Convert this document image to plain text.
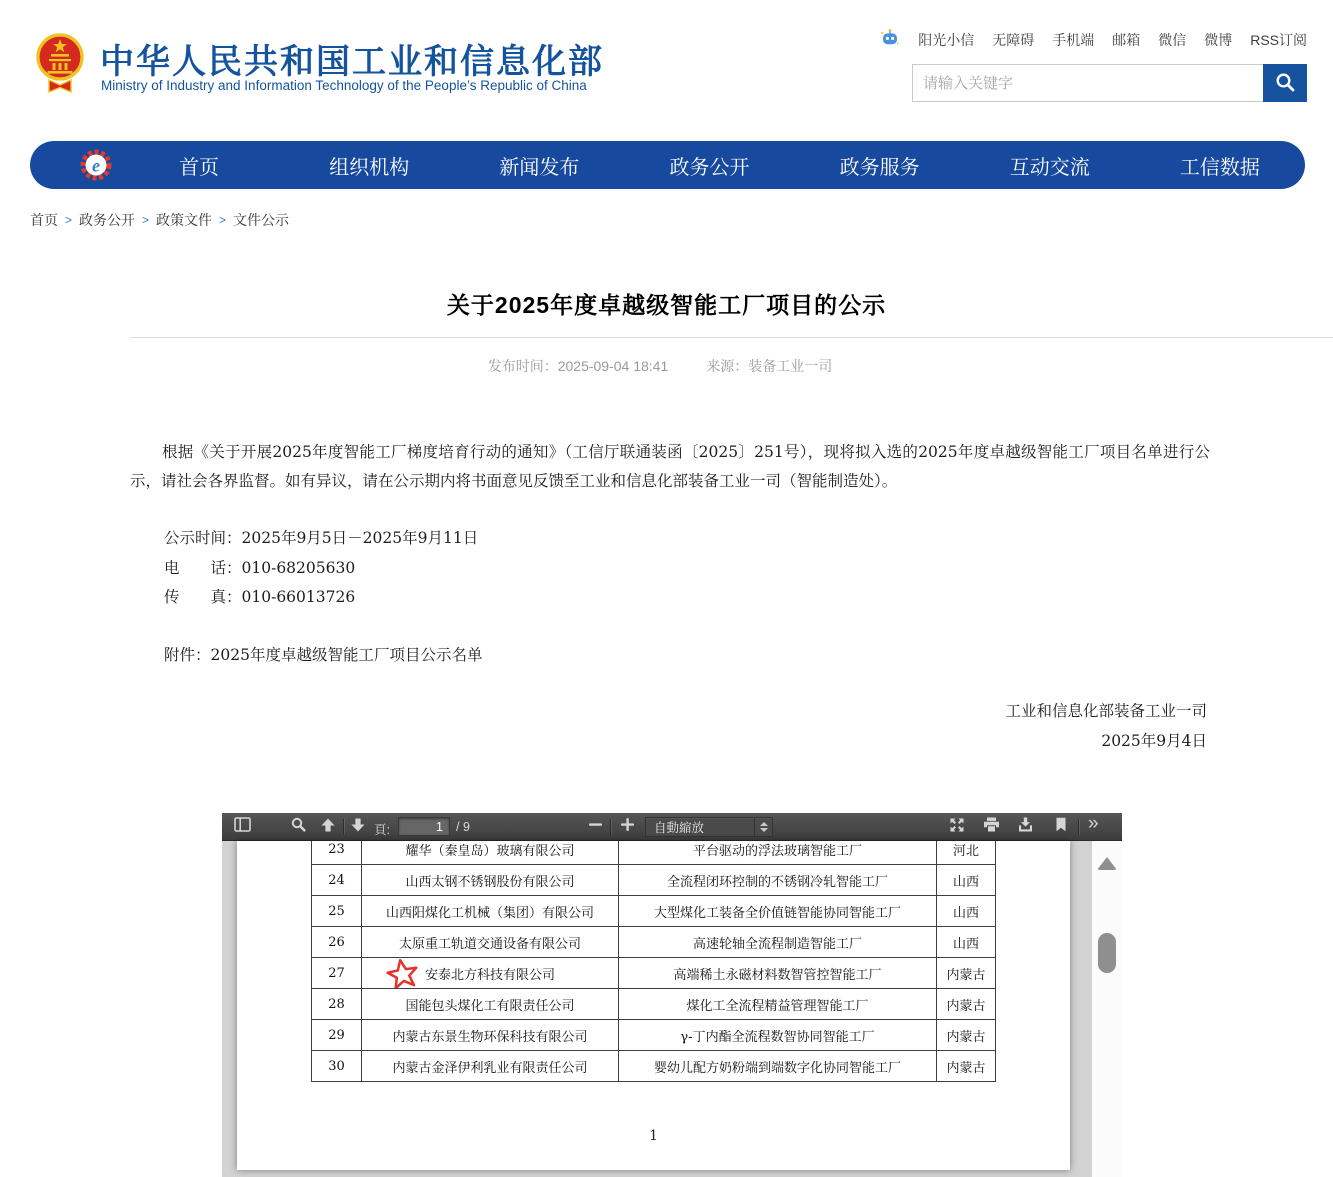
中华人民共和国工业和信息化部
Ministry of Industry and Information Technology of the People’s Republic of China
阳光小信 无障碍 手机端 邮箱 微信 微博 RSS订阅
请输入关键字
e	首页	组织机构	新闻发布	政务公开	政务服务	互动交流	工信数据
首页 > 政务公开 > 政策文件 > 文件公示
关于2025年度卓越级智能工厂项目的公示
发布时间：2025-09-04 18:41	来源：装备工业一司
根据《关于开展2025年度智能工厂梯度培育行动的通知》（工信厅联通装函〔2025〕251号），现将拟入选的2025年度卓越级智能工厂项目名单进行公示，请社会各界监督。如有异议，请在公示期内将书面意见反馈至工业和信息化部装备工业一司（智能制造处）。
公示时间：2025年9月5日－2025年9月11日
电　　话：010-68205630
传　　真：010-66013726
附件：2025年度卓越级智能工厂项目公示名单
工业和信息化部装备工业一司
2025年9月4日
頁:
1	/ 9	自動縮放	»
23	耀华（秦皇岛）玻璃有限公司	平台驱动的浮法玻璃智能工厂	河北
24	山西太钢不锈钢股份有限公司	全流程闭环控制的不锈钢冷轧智能工厂	山西
25	山西阳煤化工机械（集团）有限公司	大型煤化工装备全价值链智能协同智能工厂	山西
26	太原重工轨道交通设备有限公司	高速轮轴全流程制造智能工厂	山西
27	安泰北方科技有限公司	高端稀土永磁材料数智管控智能工厂	内蒙古
28	国能包头煤化工有限责任公司	煤化工全流程精益管理智能工厂	内蒙古
29	内蒙古东景生物环保科技有限公司	γ-丁内酯全流程数智协同智能工厂	内蒙古
30	内蒙古金泽伊利乳业有限责任公司	婴幼儿配方奶粉端到端数字化协同智能工厂	内蒙古
1
